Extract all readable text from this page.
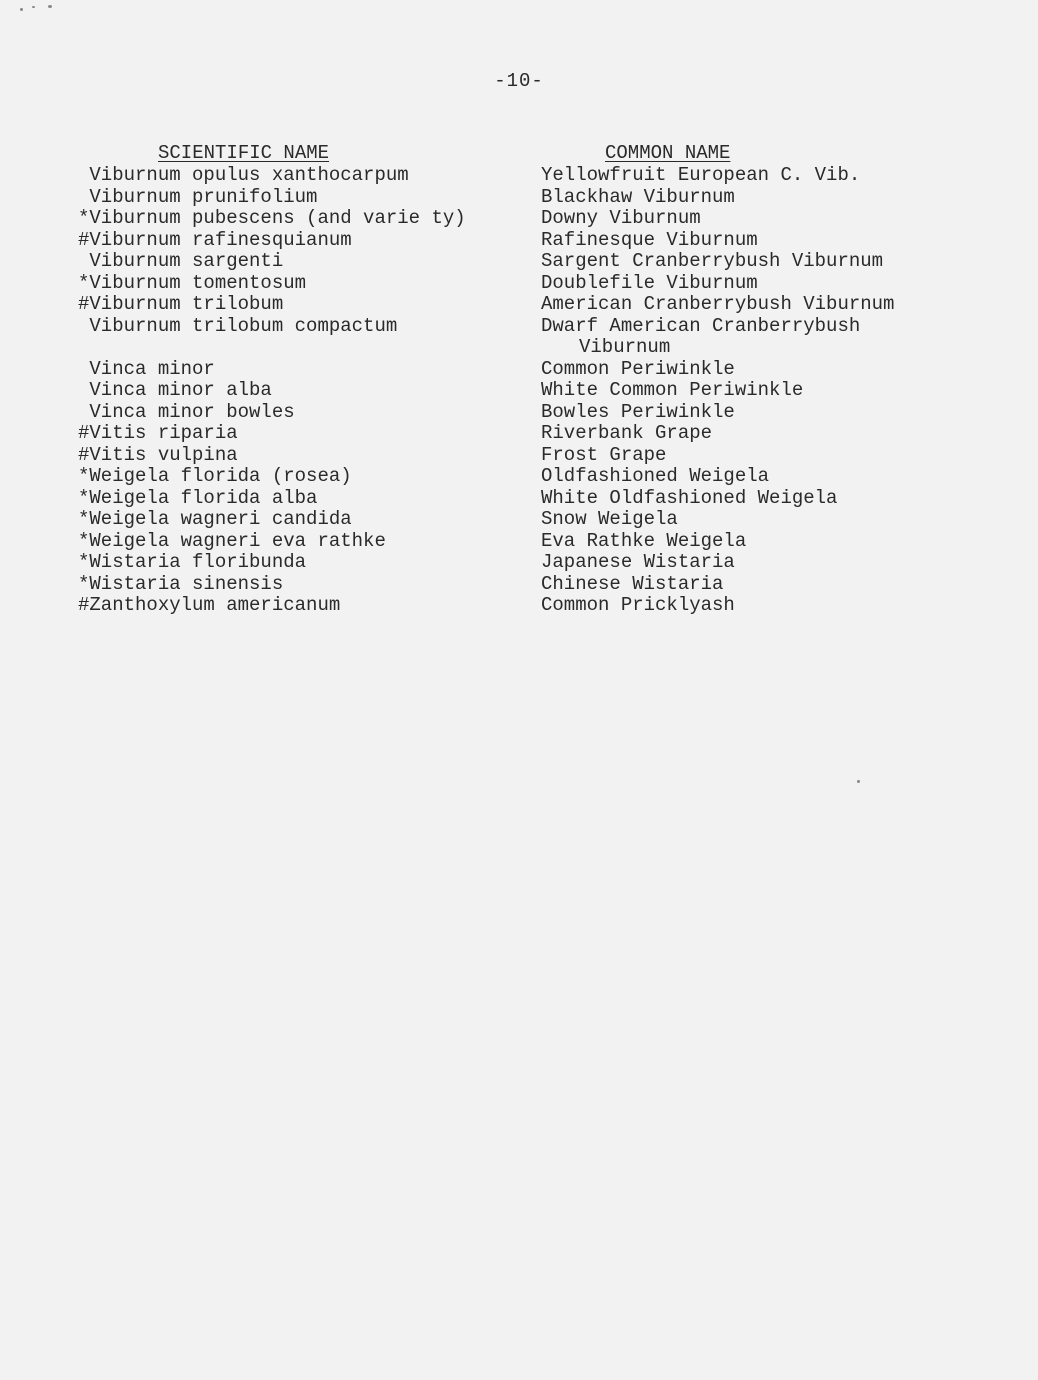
-10-
SCIENTIFIC NAME	COMMON NAME
Viburnum opulus xanthocarpum
Viburnum prunifolium
*Viburnum pubescens (and varie ty)
#Viburnum rafinesquianum
Viburnum sargenti
*Viburnum tomentosum
#Viburnum trilobum
Viburnum trilobum compactum
Vinca minor
Vinca minor alba
Vinca minor bowles
#Vitis riparia
#Vitis vulpina
*Weigela florida (rosea)
*Weigela florida alba
*Weigela wagneri candida
*Weigela wagneri eva rathke
*Wistaria floribunda
*Wistaria sinensis
#Zanthoxylum americanum
Yellowfruit European C. Vib.
Blackhaw Viburnum
Downy Viburnum
Rafinesque Viburnum
Sargent Cranberrybush Viburnum
Doublefile Viburnum
American Cranberrybush Viburnum
Dwarf American Cranberrybush
Viburnum
Common Periwinkle
White Common Periwinkle
Bowles Periwinkle
Riverbank Grape
Frost Grape
Oldfashioned Weigela
White Oldfashioned Weigela
Snow Weigela
Eva Rathke Weigela
Japanese Wistaria
Chinese Wistaria
Common Pricklyash
